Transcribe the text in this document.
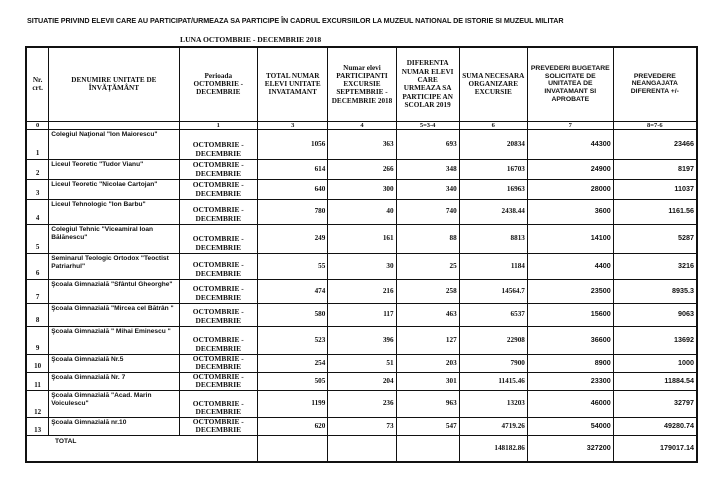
SITUATIE PRIVIND ELEVII CARE AU PARTICIPAT/URMEAZA SA PARTICIPE ÎN CADRUL EXCURSIILOR LA MUZEUL NATIONAL DE ISTORIE SI MUZEUL MILITAR
LUNA OCTOMBRIE - DECEMBRIE 2018
Nr. crt.	DENUMIRE UNITATE DE ÎNVĂŢĂMÂNT	Perioada OCTOMBRIE - DECEMBRIE	TOTAL NUMAR ELEVI UNITATE INVATAMANT	Numar elevi PARTICIPANTI EXCURSIE SEPTEMBRIE - DECEMBRIE 2018	DIFERENTA NUMAR ELEVI CARE URMEAZA SA PARTICIPE AN SCOLAR 2019	SUMA NECESARA ORGANIZARE EXCURSIE	PREVEDERI BUGETARE SOLICITATE DE UNITATEA DE INVATAMANT SI APROBATE	PREVEDERE NEANGAJATA DIFERENTA +/-
0		1	3	4	5=3-4	6	7	8=7-6
1	Colegiul Naţional "Ion Maiorescu"	OCTOMBRIE - DECEMBRIE	1056	363	693	20834	44300	23466
2	Liceul Teoretic "Tudor Vianu"	OCTOMBRIE - DECEMBRIE	614	266	348	16703	24900	8197
3	Liceul Teoretic "Nicolae Cartojan"	OCTOMBRIE - DECEMBRIE	640	300	340	16963	28000	11037
4	Liceul Tehnologic "Ion Barbu"	OCTOMBRIE - DECEMBRIE	780	40	740	2438.44	3600	1161.56
5	Colegiul Tehnic "Viceamiral Ioan Bălănescu"	OCTOMBRIE - DECEMBRIE	249	161	88	8813	14100	5287
6	Seminarul Teologic Ortodox "Teoctist Patriarhul"	OCTOMBRIE - DECEMBRIE	55	30	25	1184	4400	3216
7	Şcoala Gimnazială "Sfântul Gheorghe"	OCTOMBRIE - DECEMBRIE	474	216	258	14564.7	23500	8935.3
8	Şcoala Gimnazială "Mircea cel Bătrân "	OCTOMBRIE - DECEMBRIE	580	117	463	6537	15600	9063
9	Şcoala Gimnazială " Mihai Eminescu "	OCTOMBRIE - DECEMBRIE	523	396	127	22908	36600	13692
10	Şcoala Gimnazială Nr.5	OCTOMBRIE - DECEMBRIE	254	51	203	7900	8900	1000
11	Şcoala Gimnazială Nr. 7	OCTOMBRIE - DECEMBRIE	505	204	301	11415.46	23300	11884.54
12	Şcoala Gimnazială "Acad. Marin Voiculescu"	OCTOMBRIE - DECEMBRIE	1199	236	963	13203	46000	32797
13	Şcoala Gimnazială nr.10	OCTOMBRIE - DECEMBRIE	620	73	547	4719.26	54000	49280.74
TOTAL						148182.86	327200	179017.14
